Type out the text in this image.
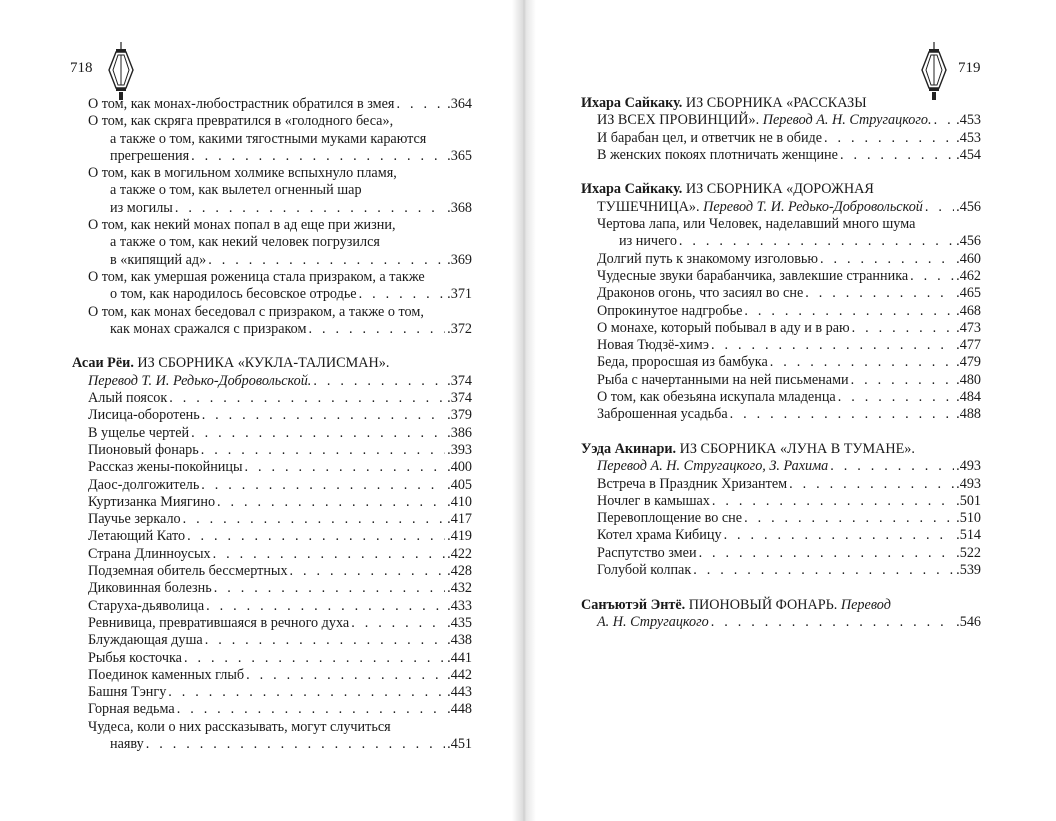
718	719
О том, как монах-любострастник обратился в змея . . .	.364
О том, как скряга превратился в «голодного беса»,
а также о том, какими тягостными муками караются
прегрешения . . .	.365
О том, как в могильном холмике вспыхнуло пламя,
а также о том, как вылетел огненный шар
из могилы . . .	.368
О том, как некий монах попал в ад еще при жизни,
а также о том, как некий человек погрузился
в «кипящий ад» . . .	.369
О том, как умершая роженица стала призраком, а также
о том, как народилось бесовское отродье . . .	.371
О том, как монах беседовал с призраком, а также о том,
как монах сражался с призраком . . .	.372
Асаи Рёи. ИЗ СБОРНИКА «КУКЛА-ТАЛИСМАН».
Перевод Т. И. Редько-Добровольской. . . .	.374
Алый поясок . . .	.374
Лисица-оборотень . . .	.379
В ущелье чертей . . .	.386
Пионовый фонарь . . .	.393
Рассказ жены-покойницы . . .	.400
Даос-долгожитель . . .	.405
Куртизанка Миягино . . .	.410
Паучье зеркало . . .	.417
Летающий Като . . .	.419
Страна Длинноусых . . .	.422
Подземная обитель бессмертных . . .	.428
Диковинная болезнь . . .	.432
Старуха-дьяволица . . .	.433
Ревнивица, превратившаяся в речного духа . . .	.435
Блуждающая душа . . .	.438
Рыбья косточка . . .	.441
Поединок каменных глыб . . .	.442
Башня Тэнгу . . .	.443
Горная ведьма . . .	.448
Чудеса, коли о них рассказывать, могут случиться
наяву . . .	.451
Ихара Сайкаку. ИЗ СБОРНИКА «РАССКАЗЫ
ИЗ ВСЕХ ПРОВИНЦИЙ». Перевод А. Н. Стругацкого. . . . .453
И барабан цел, и ответчик не в обиде . . .	.453
В женских покоях плотничать женщине . . .	.454
Ихара Сайкаку. ИЗ СБОРНИКА «ДОРОЖНАЯ
ТУШЕЧНИЦА». Перевод Т. И. Редько-Добровольской . . . .456
Чертова лапа, или Человек, наделавший много шума
из ничего . . .	.456
Долгий путь к знакомому изголовью . . .	.460
Чудесные звуки барабанчика, завлекшие странника . . .	.462
Драконов огонь, что засиял во сне . . .	.465
Опрокинутое надгробье . . .	.468
О монахе, который побывал в аду и в раю . . .	.473
Новая Тюдзё-химэ . . .	.477
Беда, проросшая из бамбука . . .	.479
Рыба с начертанными на ней письменами . . .	.480
О том, как обезьяна искупала младенца . . .	.484
Заброшенная усадьба . . .	.488
Уэда Акинари. ИЗ СБОРНИКА «ЛУНА В ТУМАНЕ».
Перевод А. Н. Стругацкого, З. Рахима . . .	.493
Встреча в Праздник Хризантем . . .	.493
Ночлег в камышах . . .	.501
Перевоплощение во сне . . .	.510
Котел храма Кибицу . . .	.514
Распутство змеи . . .	.522
Голубой колпак . . .	.539
Санъютэй Энтё. ПИОНОВЫЙ ФОНАРЬ. Перевод
А. Н. Стругацкого . . .	.546
